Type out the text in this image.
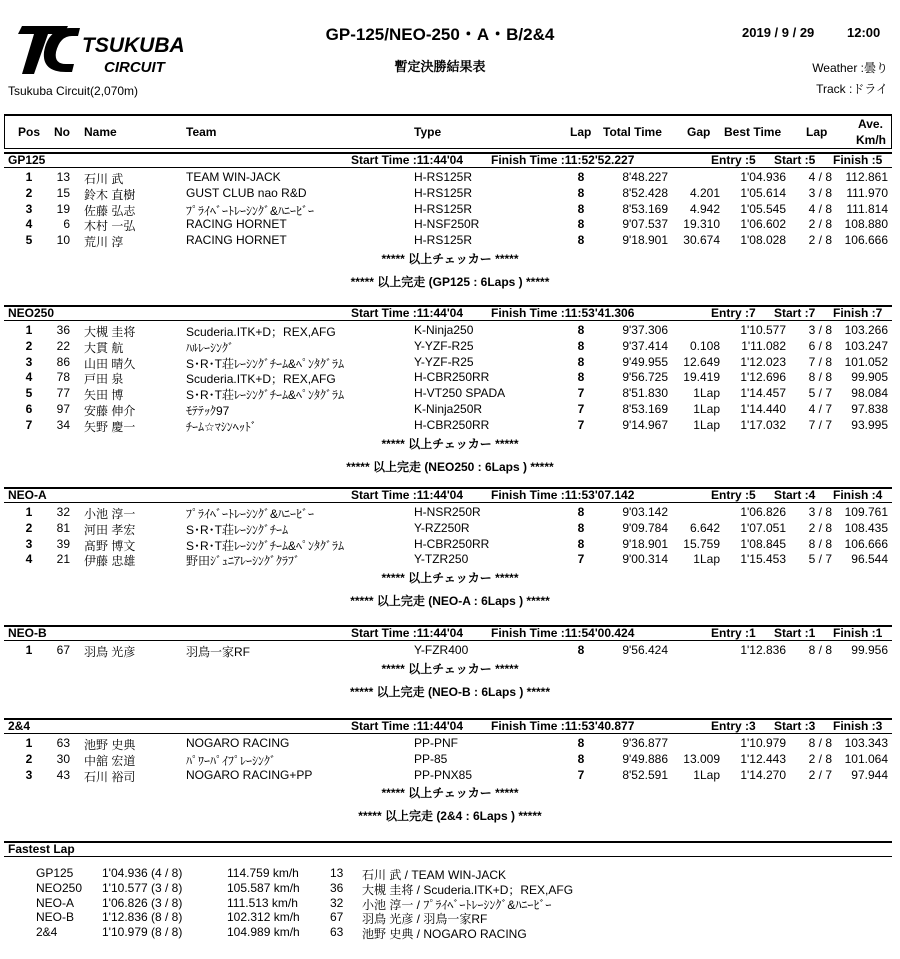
TSUKUBA
CIRCUIT
Tsukuba Circuit(2,070m)
GP-125/NEO-250・A・B/2&4
暫定決勝結果表
2019 / 9 / 29	12:00
Weather :曇り
Track :ドライ
Pos No Name	Team	Type	Lap Total Time Gap Best Time Lap
Ave.
Km/h
GP125	Start Time :11:44'04 Finish Time :11:52'52.227	Entry :5 Start :5 Finish :5
1	13 石川 武	TEAM WIN-JACK	H-RS125R	8	8'48.227	1'04.936	4 / 8	112.861
2	15 鈴木 直樹	GUST CLUB nao R&D	H-RS125R	8	8'52.428	4.201	1'05.614	3 / 8	111.970
3	19 佐藤 弘志	ﾌﾟﾗｲﾍﾞｰﾄﾚｰｼﾝｸﾞ&ﾊﾆｰﾋﾞｰ	H-RS125R	8	8'53.169	4.942	1'05.545	4 / 8	111.814
4	6 木村 一弘	RACING HORNET	H-NSF250R	8	9'07.537	19.310	1'06.602	2 / 8	108.880
5	10 荒川 淳	RACING HORNET	H-RS125R	8	9'18.901	30.674	1'08.028	2 / 8	106.666
***** 以上チェッカー *****
***** 以上完走 (GP125 : 6Laps ) *****
NEO250	Start Time :11:44'04 Finish Time :11:53'41.306	Entry :7 Start :7 Finish :7
1	36 大槻 圭将	Scuderia.ITK+D；REX,AFG	K-Ninja250	8	9'37.306	1'10.577	3 / 8	103.266
2	22 大貫 航	ﾊﾙﾚｰｼﾝｸﾞ	Y-YZF-R25	8	9'37.414	0.108	1'11.082	6 / 8	103.247
3	86 山田 晴久	S･R･T荘ﾚｰｼﾝｸﾞﾁｰﾑ&ﾍﾟﾝﾀｸﾞﾗﾑ	Y-YZF-R25	8	9'49.955	12.649	1'12.023	7 / 8	101.052
4	78 戸田 泉	Scuderia.ITK+D；REX,AFG	H-CBR250RR	8	9'56.725	19.419	1'12.696	8 / 8	99.905
5	77 矢田 博	S･R･T荘ﾚｰｼﾝｸﾞﾁｰﾑ&ﾍﾟﾝﾀｸﾞﾗﾑ	H-VT250 SPADA	7	8'51.830	1Lap	1'14.457	5 / 7	98.084
6	97 安藤 伸介	ﾓﾃﾃｯｸ97	K-Ninja250R	7	8'53.169	1Lap	1'14.440	4 / 7	97.838
7	34 矢野 慶一	ﾁｰﾑ☆ﾏｼﾝﾍｯﾄﾞ	H-CBR250RR	7	9'14.967	1Lap	1'17.032	7 / 7	93.995
***** 以上チェッカー *****
***** 以上完走 (NEO250 : 6Laps ) *****
NEO-A	Start Time :11:44'04 Finish Time :11:53'07.142	Entry :5 Start :4 Finish :4
1	32 小池 淳一	ﾌﾟﾗｲﾍﾞｰﾄﾚｰｼﾝｸﾞ&ﾊﾆｰﾋﾞｰ	H-NSR250R	8	9'03.142	1'06.826	3 / 8	109.761
2	81 河田 孝宏	S･R･T荘ﾚｰｼﾝｸﾞﾁｰﾑ	Y-RZ250R	8	9'09.784	6.642	1'07.051	2 / 8	108.435
3	39 髙野 博文	S･R･T荘ﾚｰｼﾝｸﾞﾁｰﾑ&ﾍﾟﾝﾀｸﾞﾗﾑ	H-CBR250RR	8	9'18.901	15.759	1'08.845	8 / 8	106.666
4	21 伊藤 忠雄	野田ｼﾞｭﾆｱﾚｰｼﾝｸﾞｸﾗﾌﾞ	Y-TZR250	7	9'00.314	1Lap	1'15.453	5 / 7	96.544
***** 以上チェッカー *****
***** 以上完走 (NEO-A : 6Laps ) *****
NEO-B	Start Time :11:44'04 Finish Time :11:54'00.424	Entry :1 Start :1 Finish :1
1	67 羽鳥 光彦	羽鳥一家RF	Y-FZR400	8	9'56.424	1'12.836	8 / 8	99.956
***** 以上チェッカー *****
***** 以上完走 (NEO-B : 6Laps ) *****
2&4	Start Time :11:44'04 Finish Time :11:53'40.877	Entry :3 Start :3 Finish :3
1	63 池野 史典	NOGARO RACING	PP-PNF	8	9'36.877	1'10.979	8 / 8	103.343
2	30 中舘 宏道	ﾊﾟﾜｰﾊﾟｲﾌﾟﾚｰｼﾝｸﾞ	PP-85	8	9'49.886	13.009	1'12.443	2 / 8	101.064
3	43 石川 裕司	NOGARO RACING+PP	PP-PNX85	7	8'52.591	1Lap	1'14.270	2 / 7	97.944
***** 以上チェッカー *****
***** 以上完走 (2&4 : 6Laps ) *****
Fastest Lap
GP125 1'04.936 (4 / 8)	114.759 km/h	13 石川 武 / TEAM WIN-JACK
NEO250 1'10.577 (3 / 8)	105.587 km/h	36 大槻 圭将 / Scuderia.ITK+D；REX,AFG
NEO-A 1'06.826 (3 / 8)	111.513 km/h	32 小池 淳一 / ﾌﾟﾗｲﾍﾞｰﾄﾚｰｼﾝｸﾞ&ﾊﾆｰﾋﾞｰ
NEO-B 1'12.836 (8 / 8)	102.312 km/h	67 羽鳥 光彦 / 羽鳥一家RF
2&4	1'10.979 (8 / 8)	104.989 km/h	63 池野 史典 / NOGARO RACING
